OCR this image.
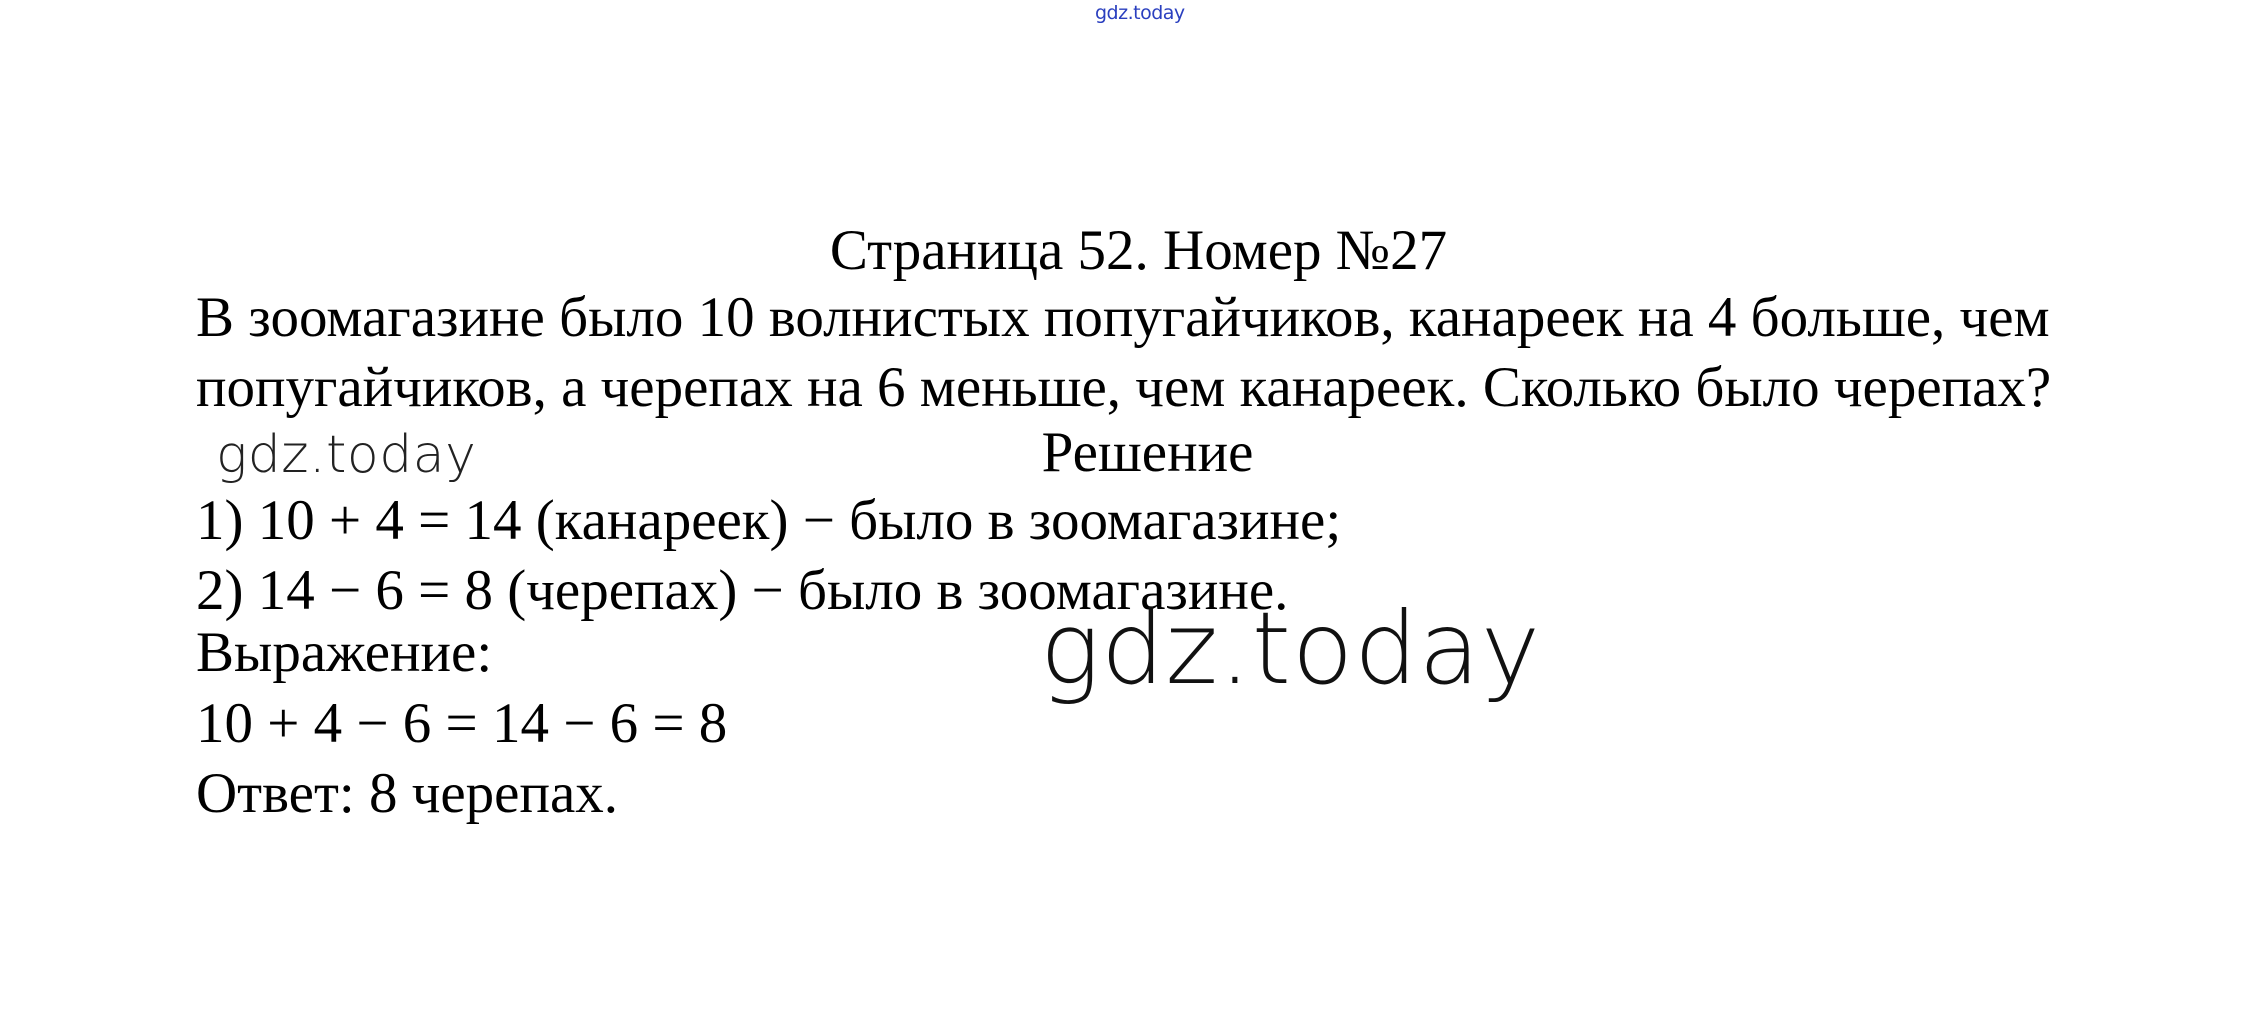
gdz.today
Страница 52. Номер №27
В зоомагазине было 10 волнистых попугайчиков, канареек на 4 больше, чем
попугайчиков, а черепах на 6 меньше, чем канареек. Сколько было черепах?
gdz.today	Решение
1) 10 + 4 = 14 (канареек) − было в зоомагазине;
2) 14 − 6 = 8 (черепах) − было в зоомагазине.
Выражение:
10 + 4 − 6 = 14 − 6 = 8
Ответ: 8 черепах.
gdz.today
